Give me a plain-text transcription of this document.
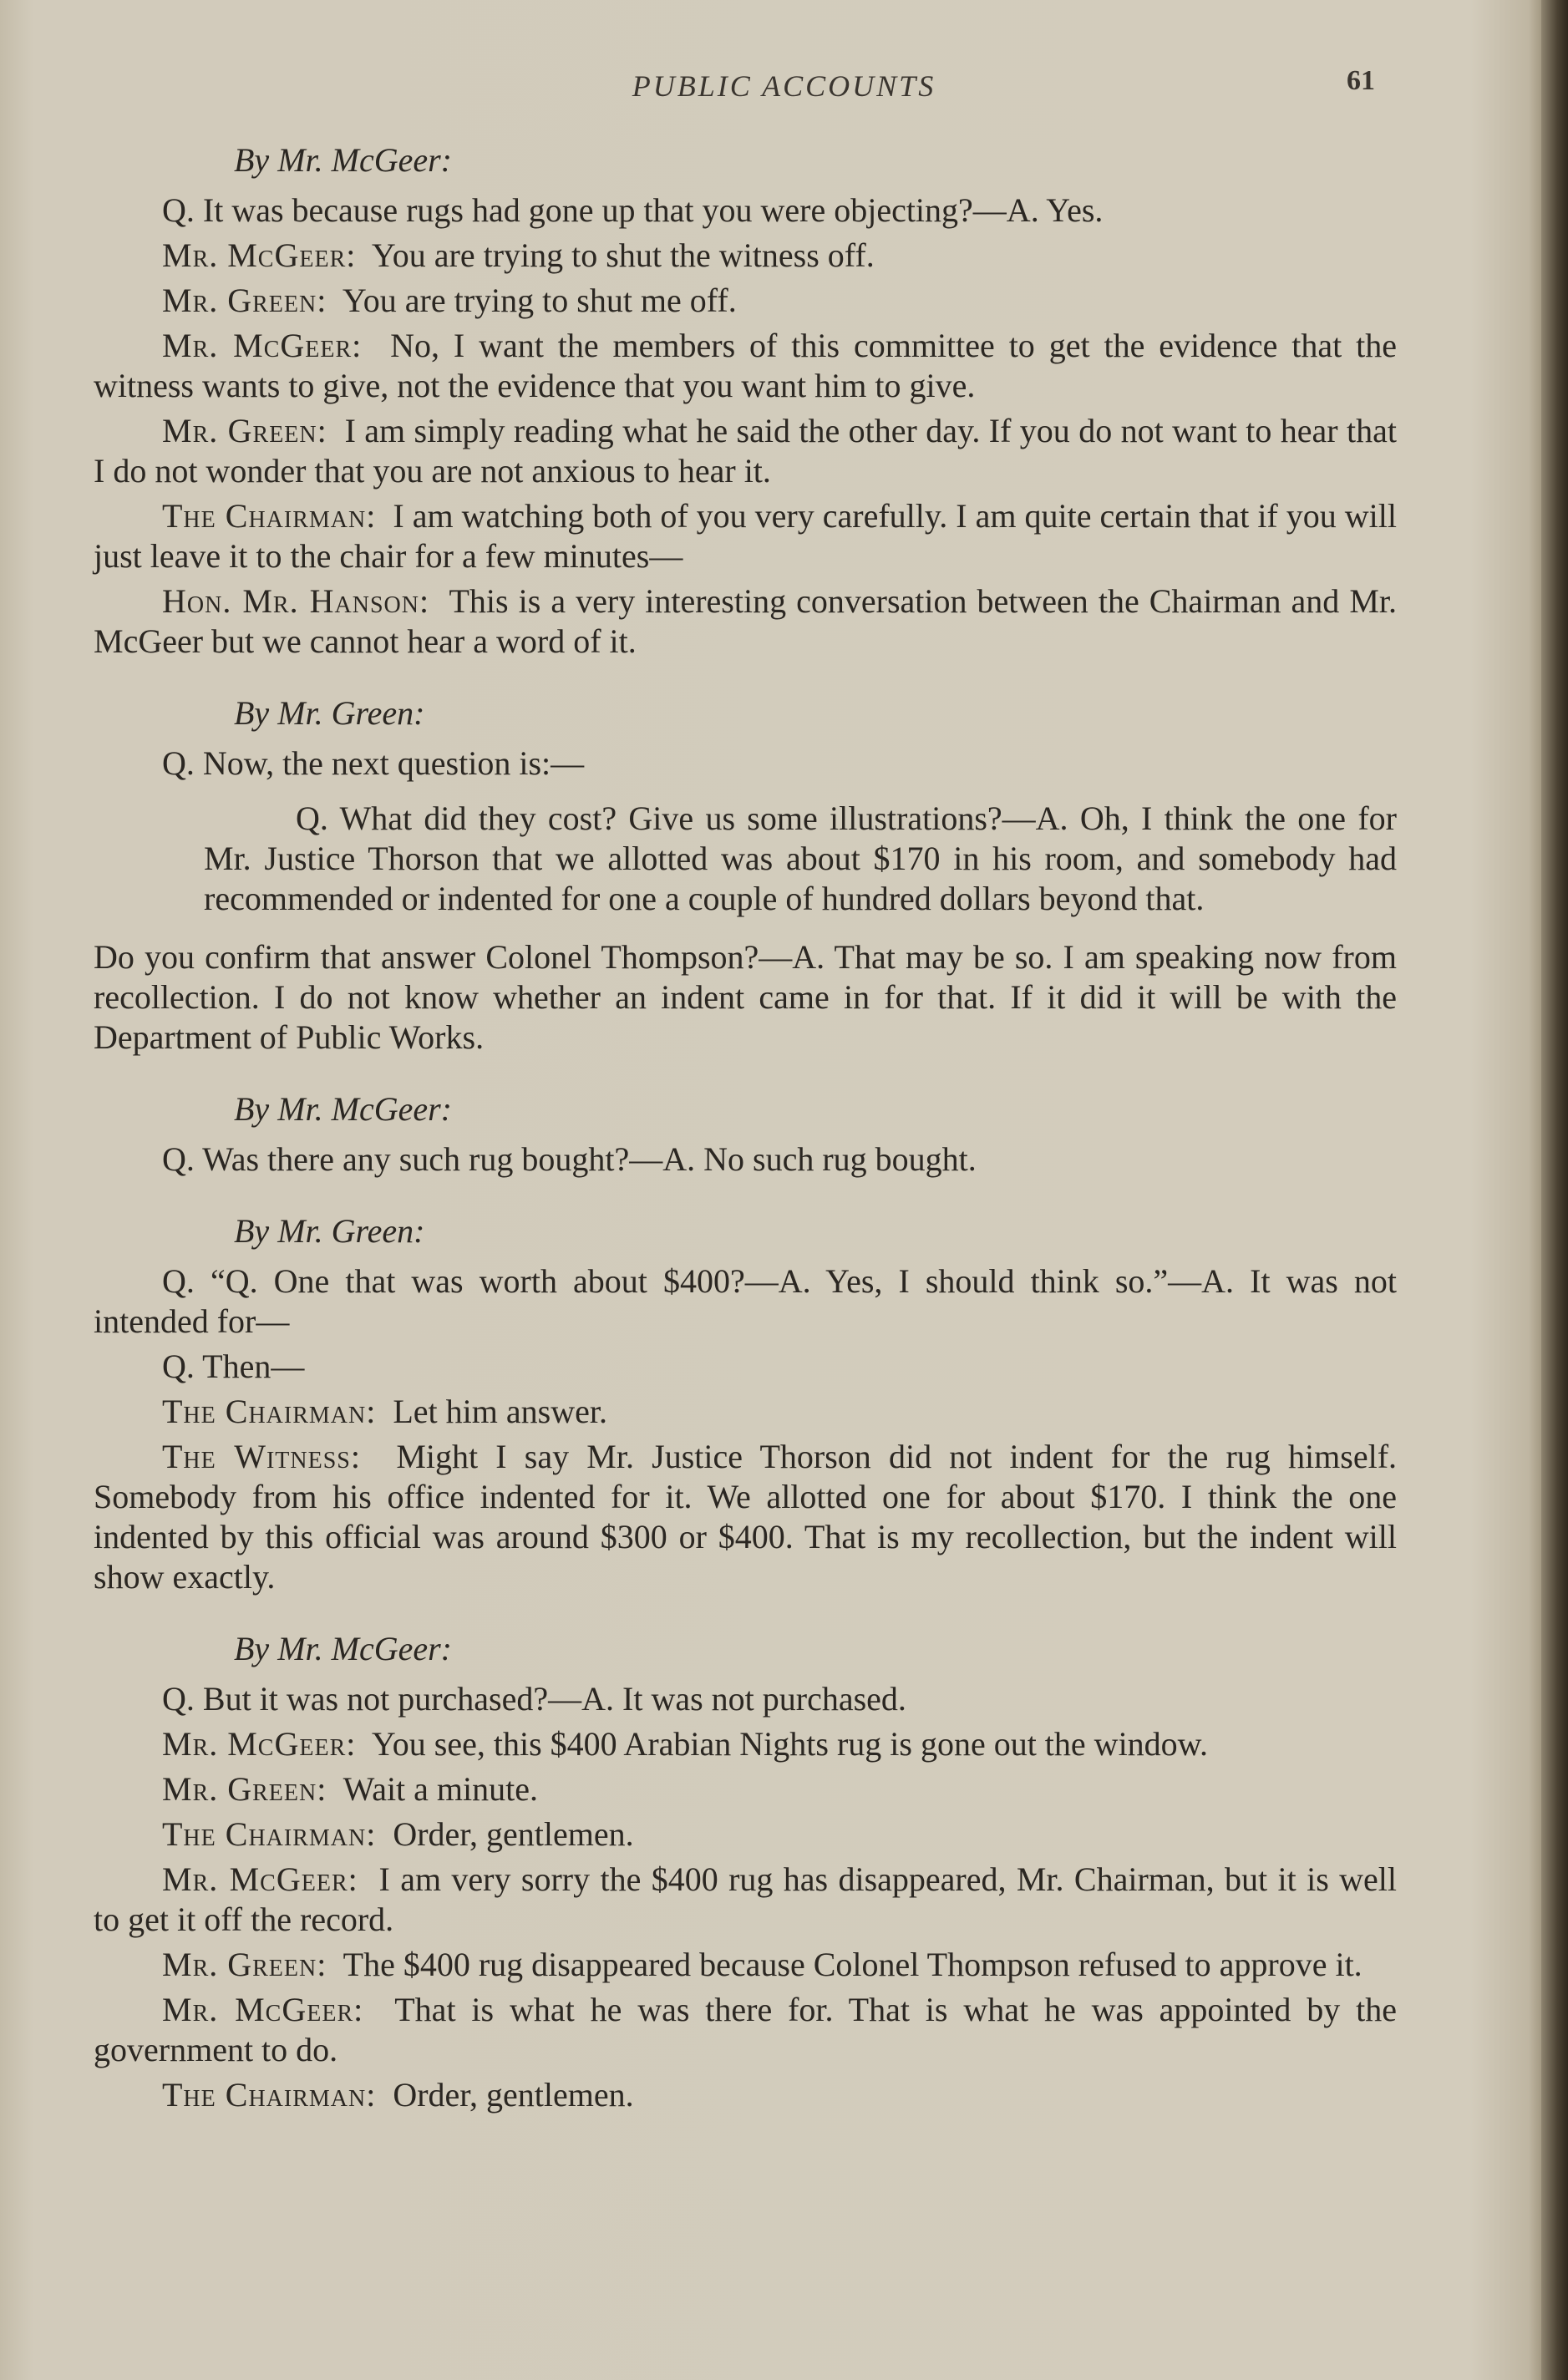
PUBLIC ACCOUNTS	61

By Mr. McGeer:

Q. It was because rugs had gone up that you were objecting?—A. Yes.

Mr. McGeer: You are trying to shut the witness off.

Mr. Green: You are trying to shut me off.

Mr. McGeer: No, I want the members of this committee to get the evidence that the witness wants to give, not the evidence that you want him to give.

Mr. Green: I am simply reading what he said the other day. If you do not want to hear that I do not wonder that you are not anxious to hear it.

The Chairman: I am watching both of you very carefully. I am quite certain that if you will just leave it to the chair for a few minutes—

Hon. Mr. Hanson: This is a very interesting conversation between the Chairman and Mr. McGeer but we cannot hear a word of it.

By Mr. Green:

Q. Now, the next question is:—

Q. What did they cost? Give us some illustrations?—A. Oh, I think the one for Mr. Justice Thorson that we allotted was about $170 in his room, and somebody had recommended or indented for one a couple of hundred dollars beyond that.

Do you confirm that answer Colonel Thompson?—A. That may be so. I am speaking now from recollection. I do not know whether an indent came in for that. If it did it will be with the Department of Public Works.

By Mr. McGeer:

Q. Was there any such rug bought?—A. No such rug bought.

By Mr. Green:

Q. “Q. One that was worth about $400?—A. Yes, I should think so.”—A. It was not intended for—

Q. Then—

The Chairman: Let him answer.

The Witness: Might I say Mr. Justice Thorson did not indent for the rug himself. Somebody from his office indented for it. We allotted one for about $170. I think the one indented by this official was around $300 or $400. That is my recollection, but the indent will show exactly.

By Mr. McGeer:

Q. But it was not purchased?—A. It was not purchased.

Mr. McGeer: You see, this $400 Arabian Nights rug is gone out the window.

Mr. Green: Wait a minute.

The Chairman: Order, gentlemen.

Mr. McGeer: I am very sorry the $400 rug has disappeared, Mr. Chairman, but it is well to get it off the record.

Mr. Green: The $400 rug disappeared because Colonel Thompson refused to approve it.

Mr. McGeer: That is what he was there for. That is what he was appointed by the government to do.

The Chairman: Order, gentlemen.
